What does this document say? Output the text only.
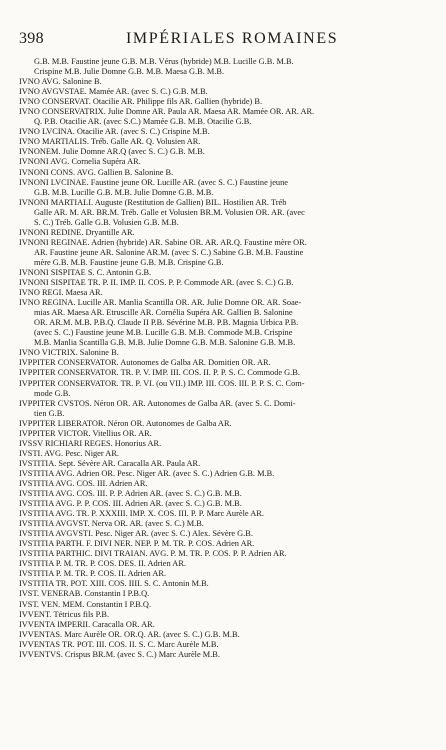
398	IMPÉRIALES ROMAINES
G.B. M.B. Faustine jeune G.B. M.B. Vérus (hybride) M.B. Lucille G.B. M.B.
Crispine M.B. Julie Domne G.B. M.B. Maesa G.B. M.B.
IVNO AVG. Salonine B.
IVNO AVGVSTAE. Mamée AR. (avec S. C.) G.B. M.B.
IVNO CONSERVAT. Otacilie AR. Philippe fils AR. Gallien (hybride) B.
IVNO CONSERVATRIX. Julie Domne AR. Paula AR. Maesa AR. Mamée OR. AR. AR.
Q. P.B. Otacilie AR. (avec S.C.) Mamée G.B. M.B. Otacilie G.B.
IVNO LVCINA. Otacilie AR. (avec S. C.) Crispine M.B.
IVNO MARTIALIS. Tréb. Galle AR. Q. Volusien AR.
IVNONEM. Julie Domne AR.Q (avec S. C.) G.B. M.B.
IVNONI AVG. Cornelia Supéra AR.
IVNONI CONS. AVG. Gallien B. Salonine B.
IVNONI LVCINAE. Faustine jeune OR. Lucille AR. (avec S. C.) Faustine jeune
G.B. M.B. Lucille G.B. M.B. Julie Domne G.B. M.B.
IVNONI MARTIALI. Auguste (Restitution de Gallien) BIL. Hostilien AR. Tréb
Galle AR. M. AR. BR.M. Tréb. Galle et Volusien BR.M. Volusien OR. AR. (avec
S. C.) Tréb. Galle G.B. Volusien G.B. M.B.
IVNONI REDINE. Dryantille AR.
IVNONI REGINAE. Adrien (hybride) AR. Sabine OR. AR. AR.Q. Faustine mère OR.
AR. Faustine jeune AR. Salonine AR.M. (avec S. C.) Sabine G.B. M.B. Faustine
mère G.B. M.B. Faustine jeune G.B. M.B. Crispine G.B.
IVNONI SISPITAE S. C. Antonin G.B.
IVNONI SISPITAE TR. P. II. IMP. II. COS. P. P. Commode AR. (avec S. C.) G.B.
IVNO REGI. Maesa AR.
IVNO REGINA. Lucille AR. Manlia Scantilla OR. AR. Julie Domne OR. AR. Soae-
mias AR. Maesa AR. Etruscille AR. Cornélia Supéra AR. Gallien B. Salonine
OR. AR.M. M.B. P.B.Q. Claude II P.B. Sévérine M.B. P.B. Magnia Urbica P.B.
(avec S. C.) Faustine jeune M.B. Lucille G.B. M.B. Commode M.B. Crispine
M.B. Manlia Scantilla G.B. M.B. Julie Domne G.B. M.B. Salonine G.B. M.B.
IVNO VICTRIX. Salonine B.
IVPPITER CONSERVATOR. Autonomes de Galba AR. Domitien OR. AR.
IVPPITER CONSERVATOR. TR. P. V. IMP. III. COS. II. P. P. S. C. Commode G.B.
IVPPITER CONSERVATOR. TR. P. VI. (ou VII.) IMP. III. COS. III. P. P. S. C. Com-
mode G.B.
IVPPITER CVSTOS. Néron OR. AR. Autonomes de Galba AR. (avec S. C. Domi-
tien G.B.
IVPPITER LIBERATOR. Néron OR. Autonomes de Galba AR.
IVPPITER VICTOR. Vitellius OR. AR.
IVSSV RICHIARI REGES. Honorius AR.
IVSTI. AVG. Pesc. Niger AR.
IVSTITIA. Sept. Sévère AR. Caracalla AR. Paula AR.
IVSTITIA AVG. Adrien OR. Pesc. Niger AR. (avec S. C.) Adrien G.B. M.B.
IVSTITIA AVG. COS. III. Adrien AR.
IVSTITIA AVG. COS. III. P. P. Adrien AR. (avec S. C.) G.B. M.B.
IVSTITIA AVG. P. P. COS. III. Adrien AR. (avec S. C.) G.B. M.B.
IVSTITIA AVG. TR. P. XXXIII. IMP. X. COS. III. P. P. Marc Aurèle AR.
IVSTITIA AVGVST. Nerva OR. AR. (avec S. C.) M.B.
IVSTITIA AVGVSTI. Pesc. Niger AR. (avec S. C.) Alex. Sévère G.B.
IVSTITIA PARTH. F. DIVI NER. NEP. P. M. TR. P. COS. Adrien AR.
IVSTITIA PARTHIC. DIVI TRAIAN. AVG. P. M. TR. P. COS. P. P. Adrien AR.
IVSTITIA P. M. TR. P. COS. DES. II. Adrien AR.
IVSTITIA P. M. TR. P. COS. II. Adrien AR.
IVSTITIA TR. POT. XIII. COS. IIII. S. C. Antonin M.B.
IVST. VENERAB. Constantin I P.B.Q.
IVST. VEN. MEM. Constantin I P.B.Q.
IVVENT. Tétricus fils P.B.
IVVENTA IMPERII. Caracalla OR. AR.
IVVENTAS. Marc Aurèle OR. OR.Q. AR. (avec S. C.) G.B. M.B.
IVVENTAS TR. POT. III. COS. II. S. C. Marc Aurèle M.B.
IVVENTVS. Crispus BR.M. (avec S. C.) Marc Aurèle M.B.
